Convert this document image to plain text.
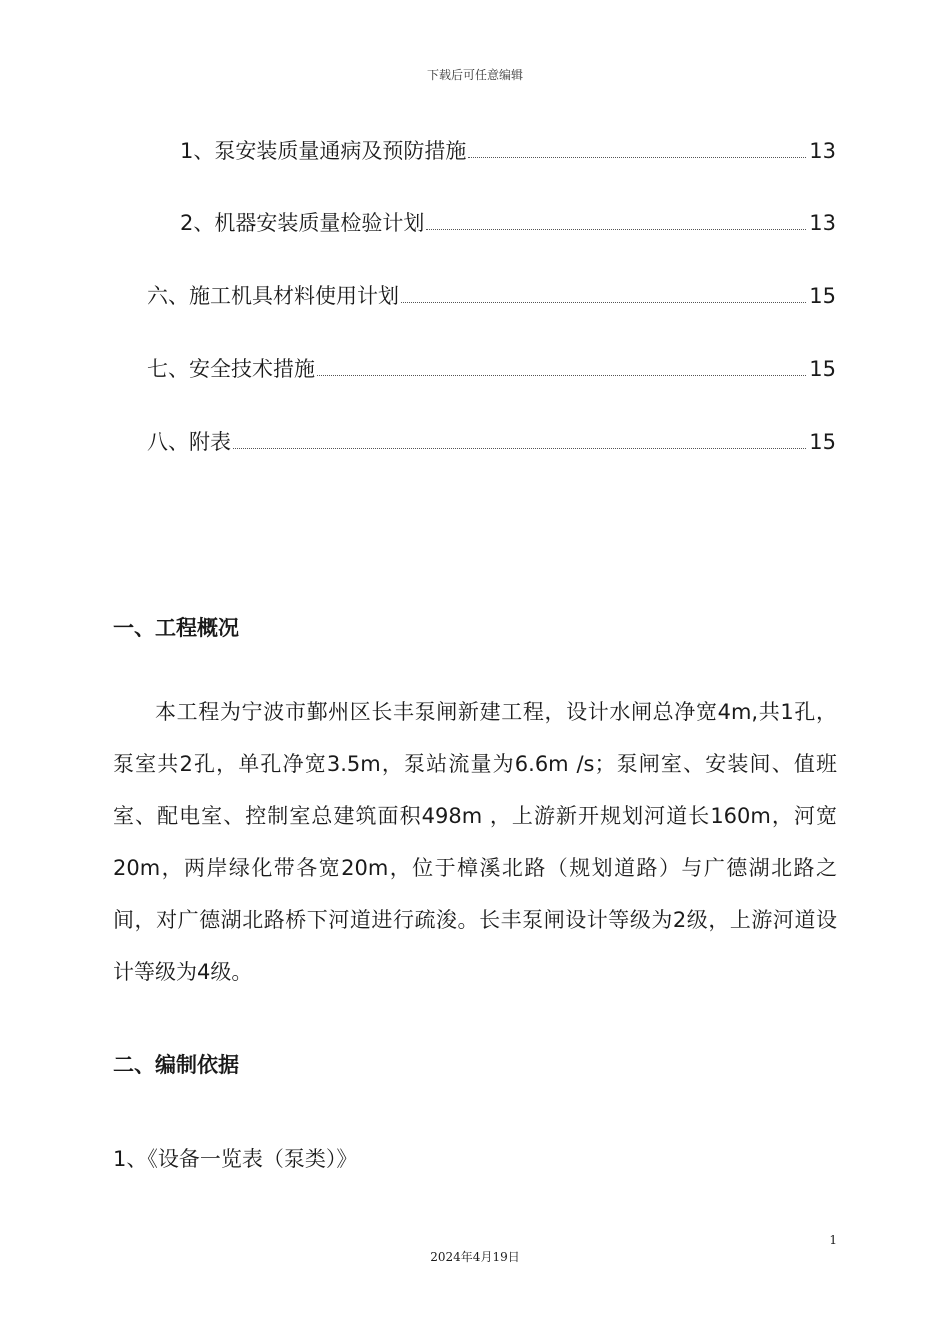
下载后可任意编辑
1、泵安装质量通病及预防措施	13
2、机器安装质量检验计划	13
六、施工机具材料使用计划	15
七、安全技术措施	15
八、附表	15
一、工程概况
本工程为宁波市鄞州区长丰泵闸新建工程，设计水闸总净宽4m,共1孔，泵室共2孔，单孔净宽3.5m，泵站流量为6.6m /s；泵闸室、安装间、值班室、配电室、控制室总建筑面积498m ，上游新开规划河道长160m，河宽20m，两岸绿化带各宽20m，位于樟溪北路（规划道路）与广德湖北路之间，对广德湖北路桥下河道进行疏浚。长丰泵闸设计等级为2级，上游河道设计等级为4级。
二、编制依据
1、《设备一览表（泵类）》
1
2024年4月19日
